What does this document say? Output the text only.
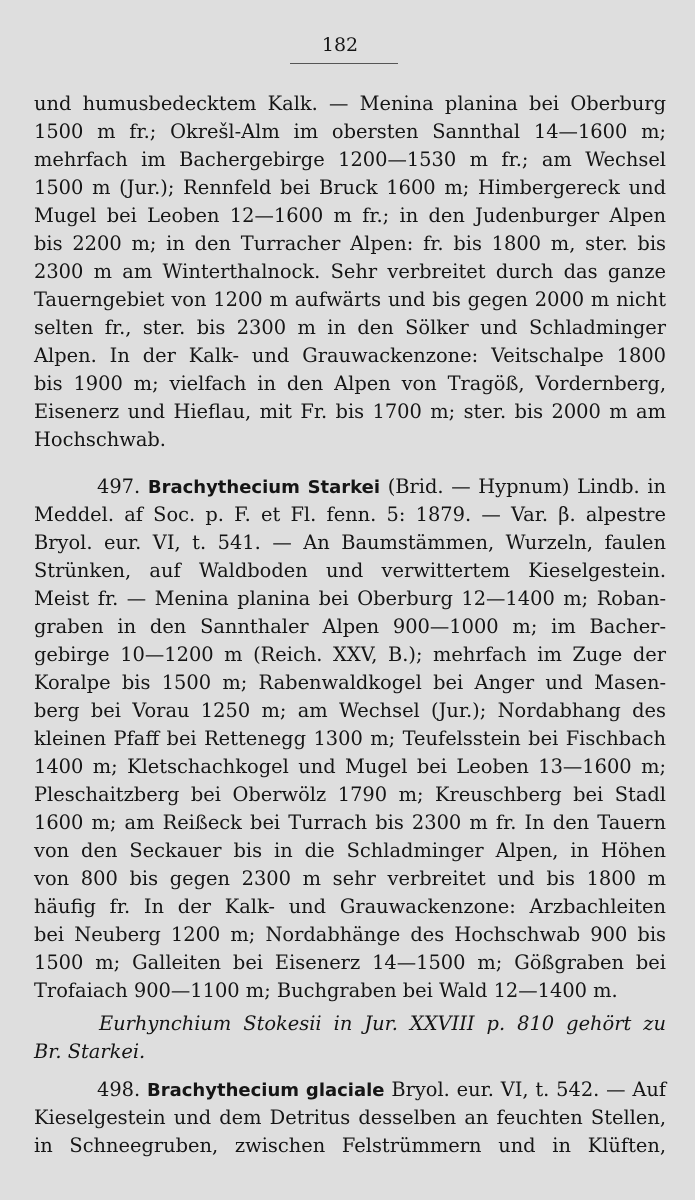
182
und humusbedecktem Kalk. — Menina planina bei Oberburg
1500 m fr.; Okrešl-Alm im obersten Sannthal 14—1600 m;
mehrfach im Bachergebirge 1200—1530 m fr.; am Wechsel
1500 m (Jur.); Rennfeld bei Bruck 1600 m; Himbergereck und
Mugel bei Leoben 12—1600 m fr.; in den Judenburger Alpen
bis 2200 m; in den Turracher Alpen: fr. bis 1800 m, ster. bis
2300 m am Winterthalnock. Sehr verbreitet durch das ganze
Tauerngebiet von 1200 m aufwärts und bis gegen 2000 m nicht
selten fr., ster. bis 2300 m in den Sölker und Schladminger
Alpen. In der Kalk- und Grauwackenzone: Veitschalpe 1800
bis 1900 m; vielfach in den Alpen von Tragöß, Vordernberg,
Eisenerz und Hieflau, mit Fr. bis 1700 m; ster. bis 2000 m am
Hochschwab.
497. Brachythecium Starkei (Brid. — Hypnum) Lindb. in
Meddel. af Soc. p. F. et Fl. fenn. 5: 1879. — Var. β. alpestre
Bryol. eur. VI, t. 541. — An Baumstämmen, Wurzeln, faulen
Strünken, auf Waldboden und verwittertem Kieselgestein.
Meist fr. — Menina planina bei Oberburg 12—1400 m; Roban-
graben in den Sannthaler Alpen 900—1000 m; im Bacher-
gebirge 10—1200 m (Reich. XXV, B.); mehrfach im Zuge der
Koralpe bis 1500 m; Rabenwaldkogel bei Anger und Masen-
berg bei Vorau 1250 m; am Wechsel (Jur.); Nordabhang des
kleinen Pfaff bei Rettenegg 1300 m; Teufelsstein bei Fischbach
1400 m; Kletschachkogel und Mugel bei Leoben 13—1600 m;
Pleschaitzberg bei Oberwölz 1790 m; Kreuschberg bei Stadl
1600 m; am Reißeck bei Turrach bis 2300 m fr. In den Tauern
von den Seckauer bis in die Schladminger Alpen, in Höhen
von 800 bis gegen 2300 m sehr verbreitet und bis 1800 m
häufig fr. In der Kalk- und Grauwackenzone: Arzbachleiten
bei Neuberg 1200 m; Nordabhänge des Hochschwab 900 bis
1500 m; Galleiten bei Eisenerz 14—1500 m; Gößgraben bei
Trofaiach 900—1100 m; Buchgraben bei Wald 12—1400 m.
Eurhynchium Stokesii in Jur. XXVIII p. 810 gehört zu
Br. Starkei.
498. Brachythecium glaciale Bryol. eur. VI, t. 542. — Auf
Kieselgestein und dem Detritus desselben an feuchten Stellen,
in Schneegruben, zwischen Felstrümmern und in Klüften,
